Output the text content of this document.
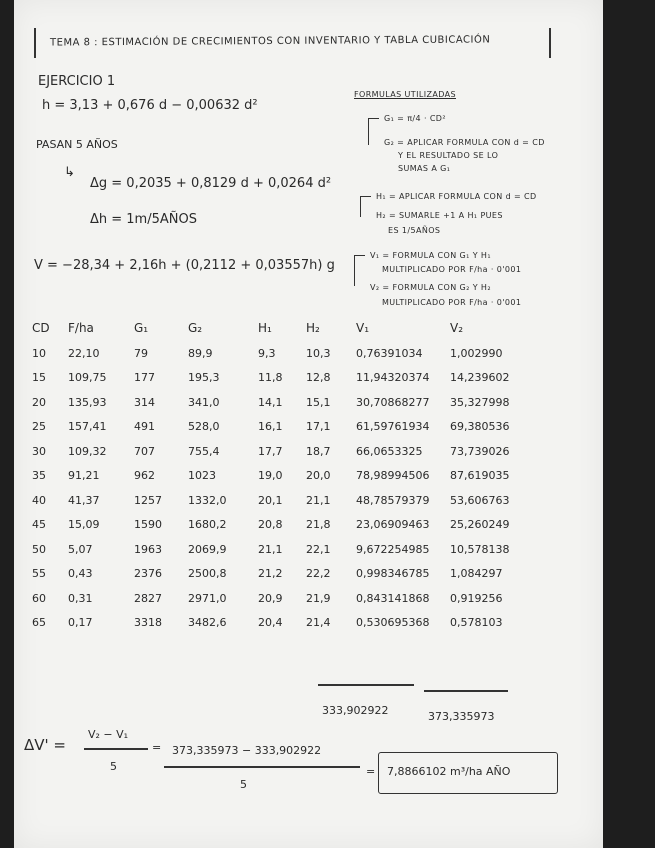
TEMA 8 : ESTIMACIÓN DE CRECIMIENTOS CON INVENTARIO Y TABLA CUBICACIÓN
EJERCICIO 1
h = 3,13 + 0,676 d − 0,00632 d²
PASAN 5 AÑOS
↳
Δg = 0,2035 + 0,8129 d + 0,0264 d²
Δh = 1m/5AÑOS
V = −28,34 + 2,16h + (0,2112 + 0,03557h) g
FORMULAS UTILIZADAS
G₁ = π/4 · CD²
G₂ = APLICAR FORMULA CON d = CD
Y EL RESULTADO SE LO
SUMAS A G₁
H₁ = APLICAR FORMULA CON d = CD
H₂ = SUMARLE +1 A H₁ PUES
ES 1/5AÑOS
V₁ = FORMULA CON G₁ Y H₁
MULTIPLICADO POR F/ha · 0'001
V₂ = FORMULA CON G₂ Y H₂
MULTIPLICADO POR F/ha · 0'001
CD	F/ha	G₁	G₂	H₁	H₂	V₁	V₂
10	22,10	79	89,9	9,3	10,3	0,76391034	1,002990
15	109,75	177	195,3	11,8	12,8	11,94320374	14,239602
20	135,93	314	341,0	14,1	15,1	30,70868277	35,327998
25	157,41	491	528,0	16,1	17,1	61,59761934	69,380536
30	109,32	707	755,4	17,7	18,7	66,0653325	73,739026
35	91,21	962	1023	19,0	20,0	78,98994506	87,619035
40	41,37	1257	1332,0	20,1	21,1	48,78579379	53,606763
45	15,09	1590	1680,2	20,8	21,8	23,06909463	25,260249
50	5,07	1963	2069,9	21,1	22,1	9,672254985	10,578138
55	0,43	2376	2500,8	21,2	22,2	0,998346785	1,084297
60	0,31	2827	2971,0	20,9	21,9	0,843141868	0,919256
65	0,17	3318	3482,6	20,4	21,4	0,530695368	0,578103
333,902922	373,335973
ΔV' =
V₂ − V₁
5
= 373,335973 − 333,902922
5
= 7,8866102 m³/ha AÑO
